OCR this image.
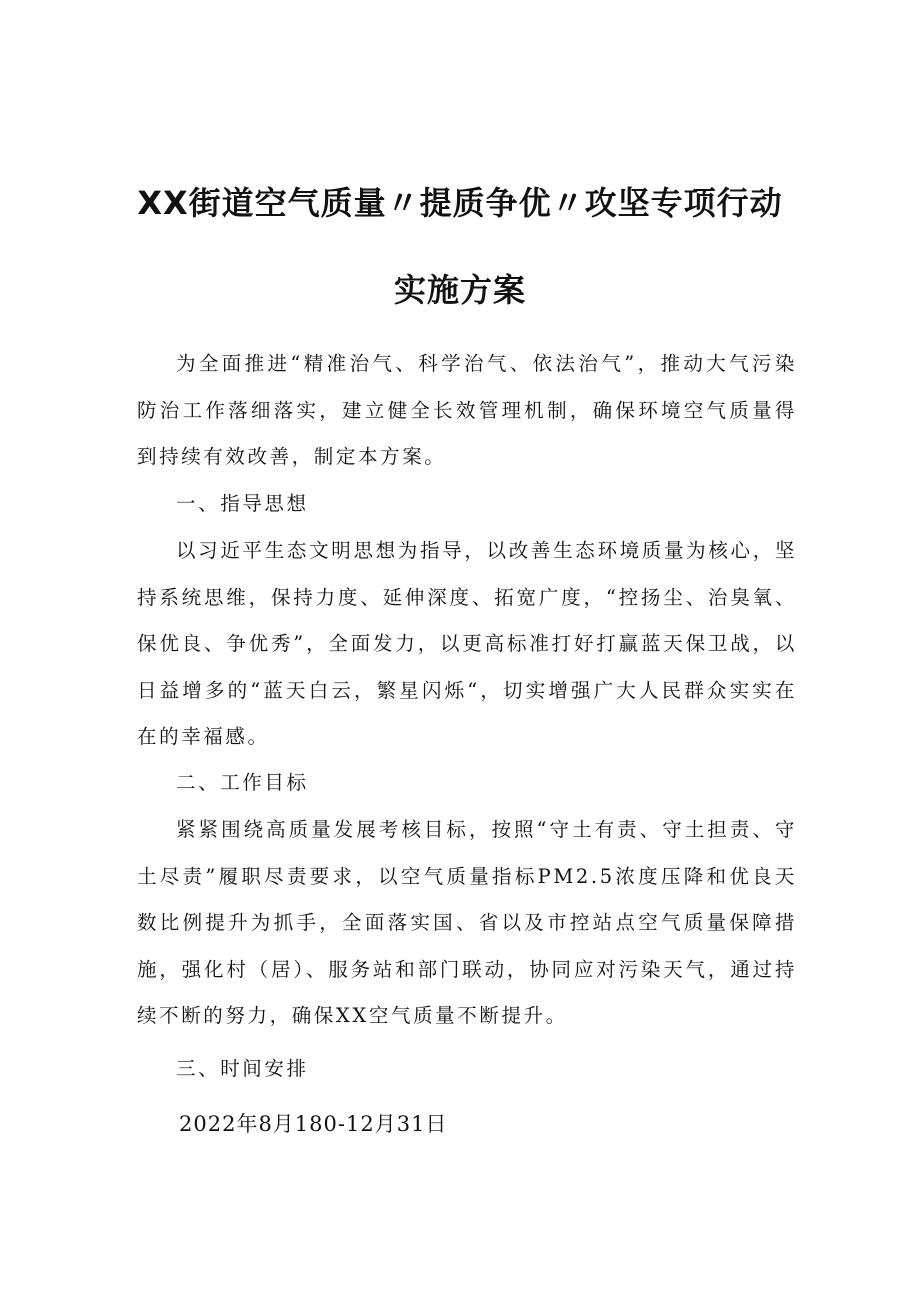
XX街道空气质量〃提质争优〃攻坚专项行动
实施方案

为全面推进“精准治气、科学治气、依法治气”，推动大气污染防治工作落细落实，建立健全长效管理机制，确保环境空气质量得到持续有效改善，制定本方案。

一、指导思想

以习近平生态文明思想为指导，以改善生态环境质量为核心，坚持系统思维，保持力度、延伸深度、拓宽广度，“控扬尘、治臭氧、保优良、争优秀”，全面发力，以更高标准打好打赢蓝天保卫战，以日益增多的“蓝天白云，繁星闪烁“，切实增强广大人民群众实实在在的幸福感。

二、工作目标

紧紧围绕高质量发展考核目标，按照“守土有责、守土担责、守土尽责”履职尽责要求，以空气质量指标PM2.5浓度压降和优良天数比例提升为抓手，全面落实国、省以及市控站点空气质量保障措施，强化村（居）、服务站和部门联动，协同应对污染天气，通过持续不断的努力，确保XX空气质量不断提升。

三、时间安排

2022年8月180-12月31日
